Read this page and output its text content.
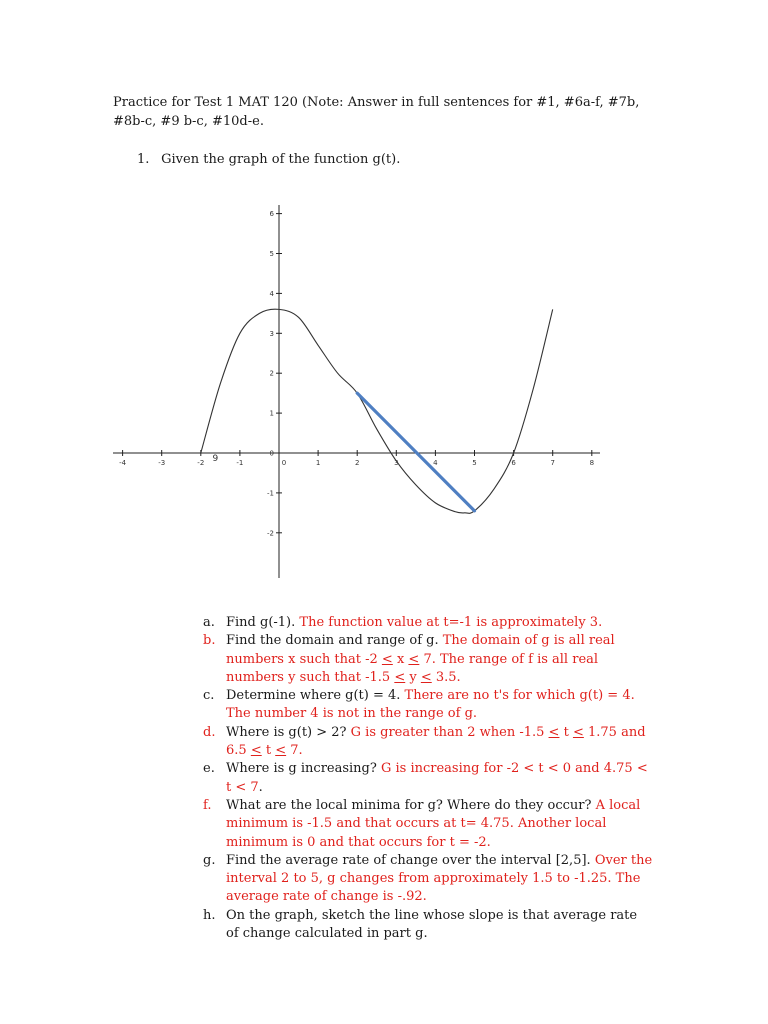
Practice for Test 1 MAT 120 (Note: Answer in full sentences for #1, #6a-f, #7b, #8b-c, #9 b-c, #10d-e.
1. Given the graph of the function g(t).
-4	-3	-2	-1	1	2	3	4	5	6	7	8
0
9
6
5
4
3
2
1
0
-1
-2
a. Find g(-1). The function value at t=-1 is approximately 3.
b. Find the domain and range of g. The domain of g is all real numbers x such that -2 < x < 7. The range of f is all real numbers y such that -1.5 < y < 3.5.
c. Determine where g(t) = 4. There are no t's for which g(t) = 4. The number 4 is not in the range of g.
d. Where is g(t) > 2? G is greater than 2 when -1.5 < t < 1.75 and 6.5 < t < 7.
e. Where is g increasing? G is increasing for -2 < t < 0 and 4.75 < t < 7.
f. What are the local minima for g? Where do they occur? A local minimum is -1.5 and that occurs at t= 4.75. Another local minimum is 0 and that occurs for t = -2.
g. Find the average rate of change over the interval [2,5]. Over the interval 2 to 5, g changes from approximately 1.5 to -1.25. The average rate of change is -.92.
h. On the graph, sketch the line whose slope is that average rate of change calculated in part g.
